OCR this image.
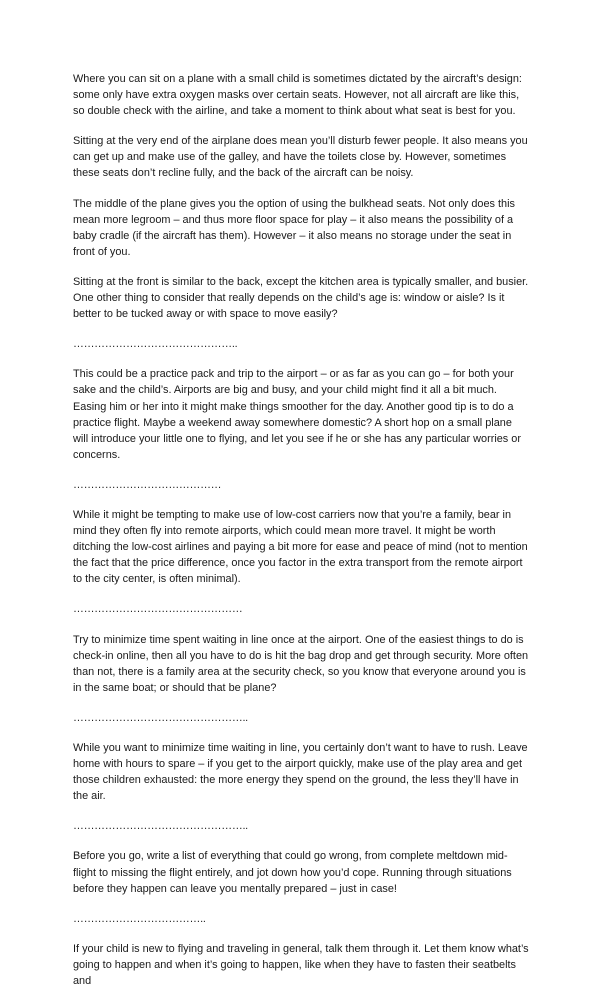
Where you can sit on a plane with a small child is sometimes dictated by the aircraft’s design: some only have extra oxygen masks over certain seats. However, not all aircraft are like this, so double check with the airline, and take a moment to think about what seat is best for you.

Sitting at the very end of the airplane does mean you’ll disturb fewer people. It also means you can get up and make use of the galley, and have the toilets close by. However, sometimes these seats don’t recline fully, and the back of the aircraft can be noisy.

The middle of the plane gives you the option of using the bulkhead seats. Not only does this mean more legroom – and thus more floor space for play – it also means the possibility of a baby cradle (if the aircraft has them). However – it also means no storage under the seat in front of you.

Sitting at the front is similar to the back, except the kitchen area is typically smaller, and busier. One other thing to consider that really depends on the child’s age is: window or aisle? Is it better to be tucked away or with space to move easily?

………………………………………..

This could be a practice pack and trip to the airport – or as far as you can go – for both your sake and the child’s. Airports are big and busy, and your child might find it all a bit much. Easing him or her into it might make things smoother for the day. Another good tip is to do a practice flight. Maybe a weekend away somewhere domestic? A short hop on a small plane will introduce your little one to flying, and let you see if he or she has any particular worries or concerns.

……………………………………

While it might be tempting to make use of low-cost carriers now that you’re a family, bear in mind they often fly into remote airports, which could mean more travel. It might be worth ditching the low-cost airlines and paying a bit more for ease and peace of mind (not to mention the fact that the price difference, once you factor in the extra transport from the remote airport to the city center, is often minimal).

…………………………………………

Try to minimize time spent waiting in line once at the airport. One of the easiest things to do is check-in online, then all you have to do is hit the bag drop and get through security. More often than not, there is a family area at the security check, so you know that everyone around you is in the same boat; or should that be plane?

…………………………………………..

While you want to minimize time waiting in line, you certainly don’t want to have to rush. Leave home with hours to spare – if you get to the airport quickly, make use of the play area and get those children exhausted: the more energy they spend on the ground, the less they’ll have in the air.

…………………………………………..

Before you go, write a list of everything that could go wrong, from complete meltdown mid-flight to missing the flight entirely, and jot down how you’d cope. Running through situations before they happen can leave you mentally prepared – just in case!

………………………………..

If your child is new to flying and traveling in general, talk them through it. Let them know what’s going to happen and when it’s going to happen, like when they have to fasten their seatbelts and
